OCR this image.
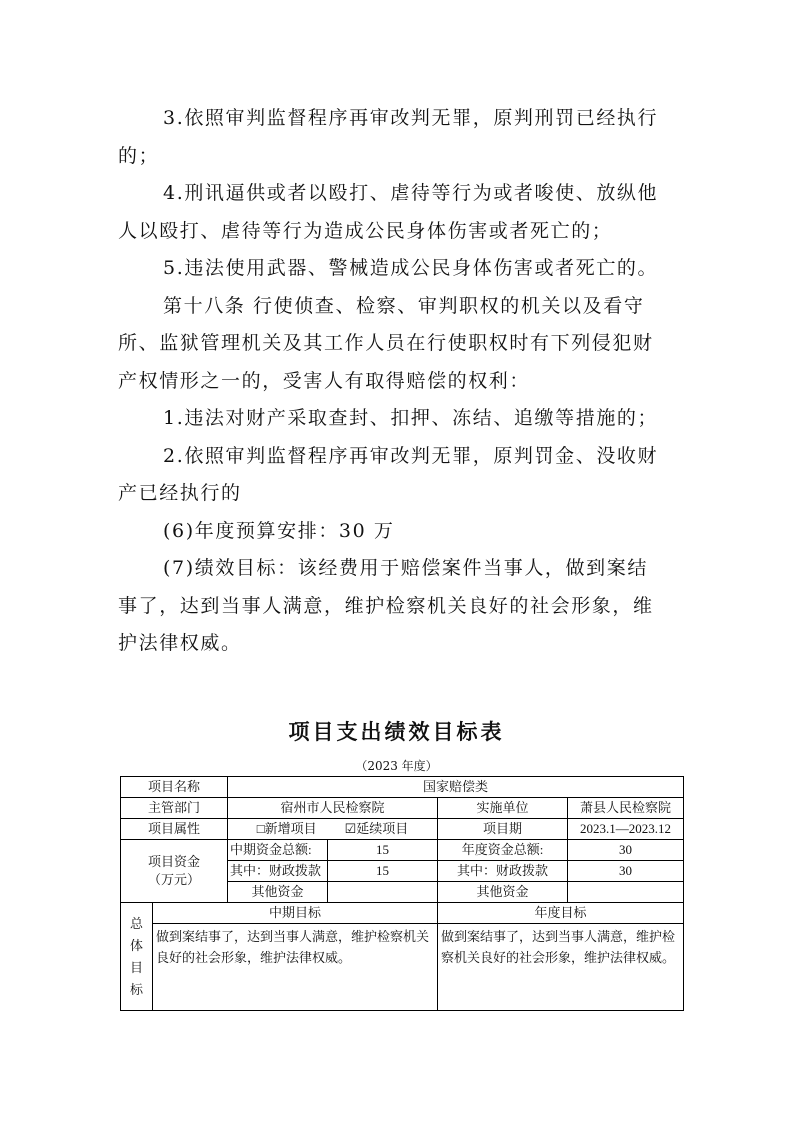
3.依照审判监督程序再审改判无罪，原判刑罚已经执行
的；
4.刑讯逼供或者以殴打、虐待等行为或者唆使、放纵他
人以殴打、虐待等行为造成公民身体伤害或者死亡的；
5.违法使用武器、警械造成公民身体伤害或者死亡的。
第十八条 行使侦查、检察、审判职权的机关以及看守
所、监狱管理机关及其工作人员在行使职权时有下列侵犯财
产权情形之一的，受害人有取得赔偿的权利：
1.违法对财产采取查封、扣押、冻结、追缴等措施的；
2.依照审判监督程序再审改判无罪，原判罚金、没收财
产已经执行的
(6)年度预算安排：30 万
(7)绩效目标：该经费用于赔偿案件当事人，做到案结
事了，达到当事人满意，维护检察机关良好的社会形象，维
护法律权威。
项目支出绩效目标表
（2023 年度）
项目名称		国家赔偿类			
主管部门		宿州市人民检察院		实施单位	萧县人民检察院
项目属性		□新增项目 ☑延续项目		项目期	2023.1—2023.12

项目资金
（万元）		中期资金总额:	15	年度资金总额:	30
		其中：财政拨款	15	其中：财政拨款	30
		其他资金		其他资金	

总体目标	中期目标			年度目标	
	做到案结事了，达到当事人满意，维护检察机关良好的社会形象，维护法律权威。			做到案结事了，达到当事人满意，维护检察机关良好的社会形象，维护法律权威。	
